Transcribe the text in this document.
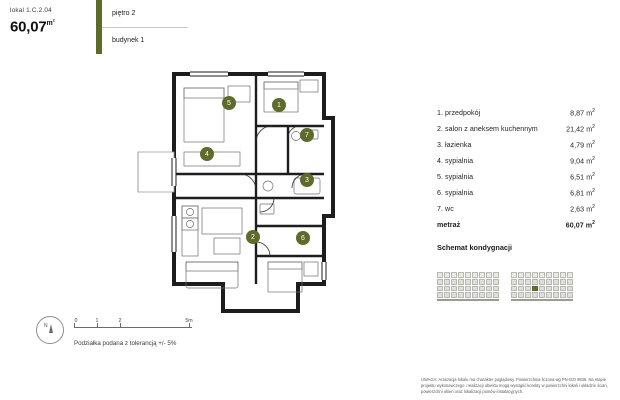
lokal 1.C.2.04
$60,07^{m^2}$
piętro 2
budynek 1
1
2
3
4
5
6
7
1. przedpokój	8,87 $m^2$
2. salon z aneksem kuchennym	21,42 $m^2$
3. łazienka	4,79 $m^2$
4. sypialnia	9,04 $m^2$
5. sypialnia	6,51 $m^2$
6. sypialnia	6,81 $m^2$
7. wc	2,63 $m^2$
metraż	60,07 $m^2$
Schemat kondygnacji
N
0	1	2	5m
Podziałka podana z tolerancją +/- 5%
UWAGA: Aranżacja lokalu ma charakter poglądowy. Powierzchnia liczona wg PN-ISO 9836. Na etapie projektu wykonawczego i realizacji obiektu mogą wystąpić korekty w powierzchni lokali i układzie ścian, powierzchni okien oraz lokalizacji pionów instalacyjnych.
